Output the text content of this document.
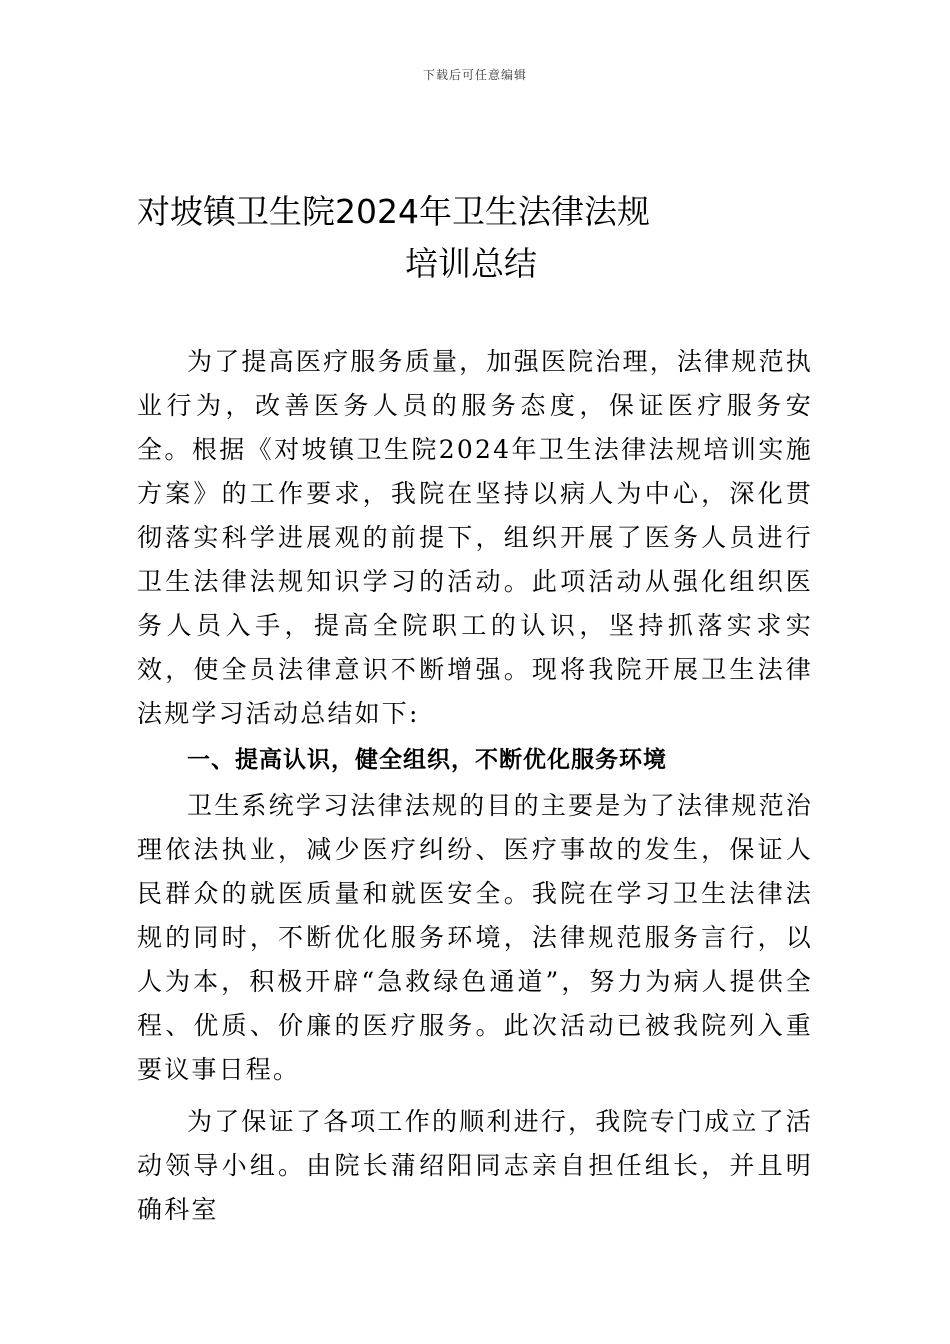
下载后可任意编辑
对坡镇卫生院2024年卫生法律法规
培训总结

为了提高医疗服务质量，加强医院治理，法律规范执业行为，改善医务人员的服务态度，保证医疗服务安全。根据《对坡镇卫生院2024年卫生法律法规培训实施方案》的工作要求，我院在坚持以病人为中心，深化贯彻落实科学进展观的前提下，组织开展了医务人员进行卫生法律法规知识学习的活动。此项活动从强化组织医务人员入手，提高全院职工的认识，坚持抓落实求实效，使全员法律意识不断增强。现将我院开展卫生法律法规学习活动总结如下:

一、提高认识，健全组织，不断优化服务环境

卫生系统学习法律法规的目的主要是为了法律规范治理依法执业，减少医疗纠纷、医疗事故的发生，保证人民群众的就医质量和就医安全。我院在学习卫生法律法规的同时，不断优化服务环境，法律规范服务言行，以人为本，积极开辟“急救绿色通道”，努力为病人提供全程、优质、价廉的医疗服务。此次活动已被我院列入重要议事日程。

为了保证了各项工作的顺利进行，我院专门成立了活动领导小组。由院长蒲绍阳同志亲自担任组长，并且明确科室
